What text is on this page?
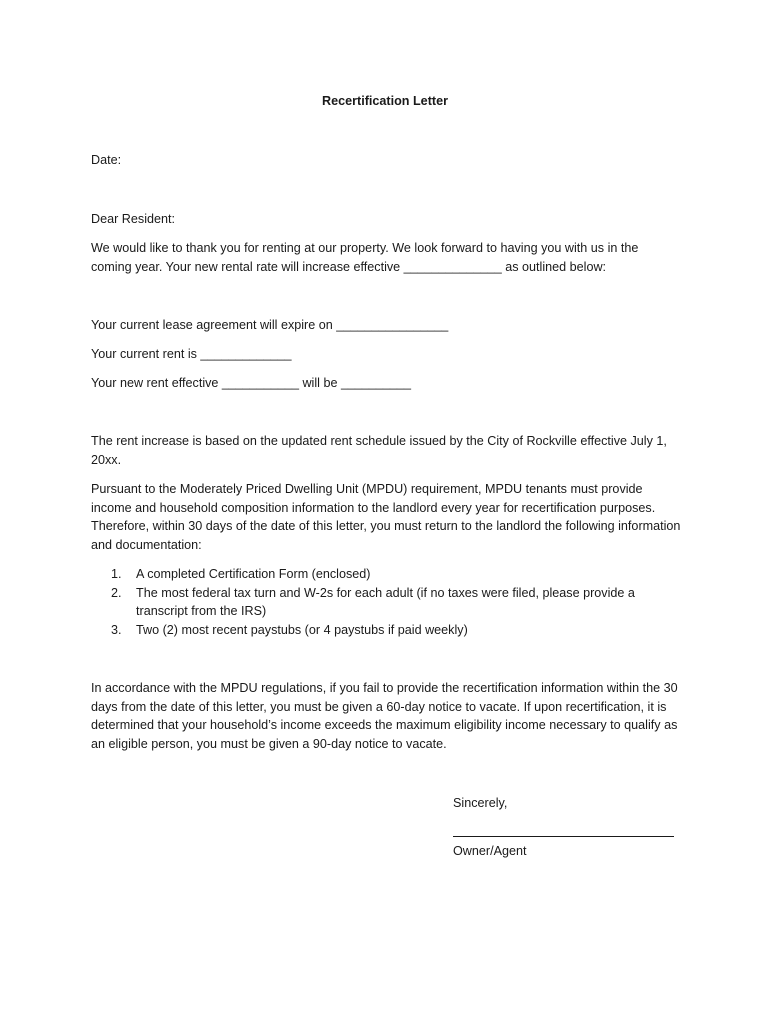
Recertification Letter

Date:

Dear Resident:

We would like to thank you for renting at our property. We look forward to having you with us in the coming year. Your new rental rate will increase effective ______________ as outlined below:

Your current lease agreement will expire on ________________

Your current rent is _____________

Your new rent effective ___________ will be __________

The rent increase is based on the updated rent schedule issued by the City of Rockville effective July 1, 20xx.

Pursuant to the Moderately Priced Dwelling Unit (MPDU) requirement, MPDU tenants must provide income and household composition information to the landlord every year for recertification purposes. Therefore, within 30 days of the date of this letter, you must return to the landlord the following information and documentation:

1. A completed Certification Form (enclosed)
2. The most federal tax turn and W-2s for each adult (if no taxes were filed, please provide a transcript from the IRS)
3. Two (2) most recent paystubs (or 4 paystubs if paid weekly)

In accordance with the MPDU regulations, if you fail to provide the recertification information within the 30 days from the date of this letter, you must be given a 60-day notice to vacate. If upon recertification, it is determined that your household’s income exceeds the maximum eligibility income necessary to qualify as an eligible person, you must be given a 90-day notice to vacate.

Sincerely,
Owner/Agent
